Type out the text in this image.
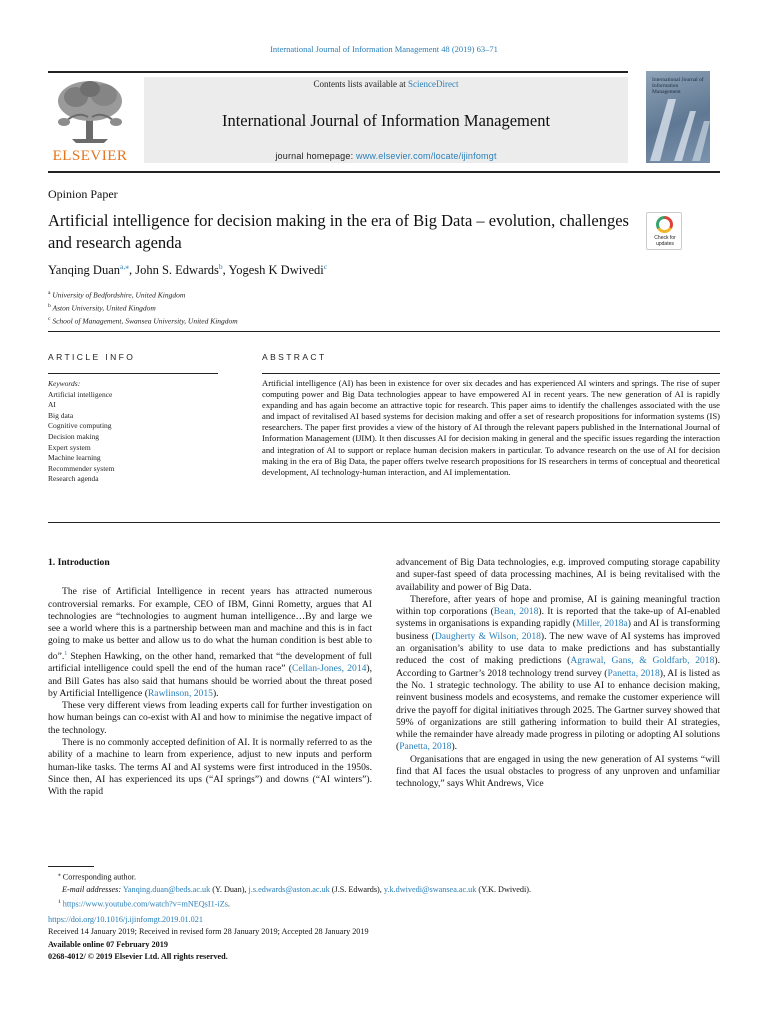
International Journal of Information Management 48 (2019) 63–71
ELSEVIER
Contents lists available at ScienceDirect
International Journal of Information Management
journal homepage: www.elsevier.com/locate/ijinfomgt
International Journal of Information Management
Opinion Paper
Artificial intelligence for decision making in the era of Big Data – evolution, challenges and research agenda	Check for updates
Yanqing Duan$^{a,⁎}$, John S. Edwards$^b$, Yogesh K Dwivedi$^c$
$^a$ University of Bedfordshire, United Kingdom
$^b$ Aston University, United Kingdom
$^c$ School of Management, Swansea University, United Kingdom
ARTICLE INFO
Keywords:
Artificial intelligence
AI
Big data
Cognitive computing
Decision making
Expert system
Machine learning
Recommender system
Research agenda
ABSTRACT
Artificial intelligence (AI) has been in existence for over six decades and has experienced AI winters and springs. The rise of super computing power and Big Data technologies appear to have empowered AI in recent years. The new generation of AI is rapidly expanding and has again become an attractive topic for research. This paper aims to identify the challenges associated with the use and impact of revitalised AI based systems for decision making and offer a set of research propositions for information systems (IS) researchers. The paper first provides a view of the history of AI through the relevant papers published in the International Journal of Information Management (IJIM). It then discusses AI for decision making in general and the specific issues regarding the interaction and integration of AI to support or replace human decision makers in particular. To advance research on the use of AI for decision making in the era of Big Data, the paper offers twelve research propositions for IS researchers in terms of conceptual and theoretical development, AI technology-human interaction, and AI implementation.
1. Introduction

The rise of Artificial Intelligence in recent years has attracted numerous controversial remarks. For example, CEO of IBM, Ginni Rometty, argues that AI technologies are “technologies to augment human intelligence…By and large we see a world where this is a partnership between man and machine and this is in fact going to make us better and allow us to do what the human condition is best able to do”.$^1$ Stephen Hawking, on the other hand, remarked that “the development of full artificial intelligence could spell the end of the human race” (Cellan-Jones, 2014), and Bill Gates has also said that humans should be worried about the threat posed by Artificial Intelligence (Rawlinson, 2015).

These very different views from leading experts call for further investigation on how human beings can co-exist with AI and how to minimise the negative impact of the technology.

There is no commonly accepted definition of AI. It is normally referred to as the ability of a machine to learn from experience, adjust to new inputs and perform human-like tasks. The terms AI and AI systems were first introduced in the 1950s. Since then, AI has experienced its ups (“AI springs”) and downs (“AI winters”). With the rapid

advancement of Big Data technologies, e.g. improved computing storage capability and super-fast speed of data processing machines, AI is being revitalised with the availability and power of Big Data.

Therefore, after years of hope and promise, AI is gaining meaningful traction within top corporations (Bean, 2018). It is reported that the take-up of AI-enabled systems in organisations is expanding rapidly (Miller, 2018a) and AI is transforming business (Daugherty & Wilson, 2018). The new wave of AI systems has improved an organisation’s ability to use data to make predictions and has substantially reduced the cost of making predictions (Agrawal, Gans, & Goldfarb, 2018). According to Gartner’s 2018 technology trend survey (Panetta, 2018), AI is listed as the No. 1 strategic technology. The ability to use AI to enhance decision making, reinvent business models and ecosystems, and remake the customer experience will drive the payoff for digital initiatives through 2025. The Gartner survey showed that 59% of organizations are still gathering information to build their AI strategies, while the remainder have already made progress in piloting or adopting AI solutions (Panetta, 2018).

Organisations that are engaged in using the new generation of AI systems “will find that AI faces the usual obstacles to progress of any unproven and unfamiliar technology,” says Whit Andrews, Vice

⁎ Corresponding author.
E-mail addresses: Yanqing.duan@beds.ac.uk (Y. Duan), j.s.edwards@aston.ac.uk (J.S. Edwards), y.k.dwivedi@swansea.ac.uk (Y.K. Dwivedi).
$^1$ https://www.youtube.com/watch?v=mNEQsI1-iZs.
https://doi.org/10.1016/j.ijinfomgt.2019.01.021
Received 14 January 2019; Received in revised form 28 January 2019; Accepted 28 January 2019
Available online 07 February 2019
0268-4012/ © 2019 Elsevier Ltd. All rights reserved.
